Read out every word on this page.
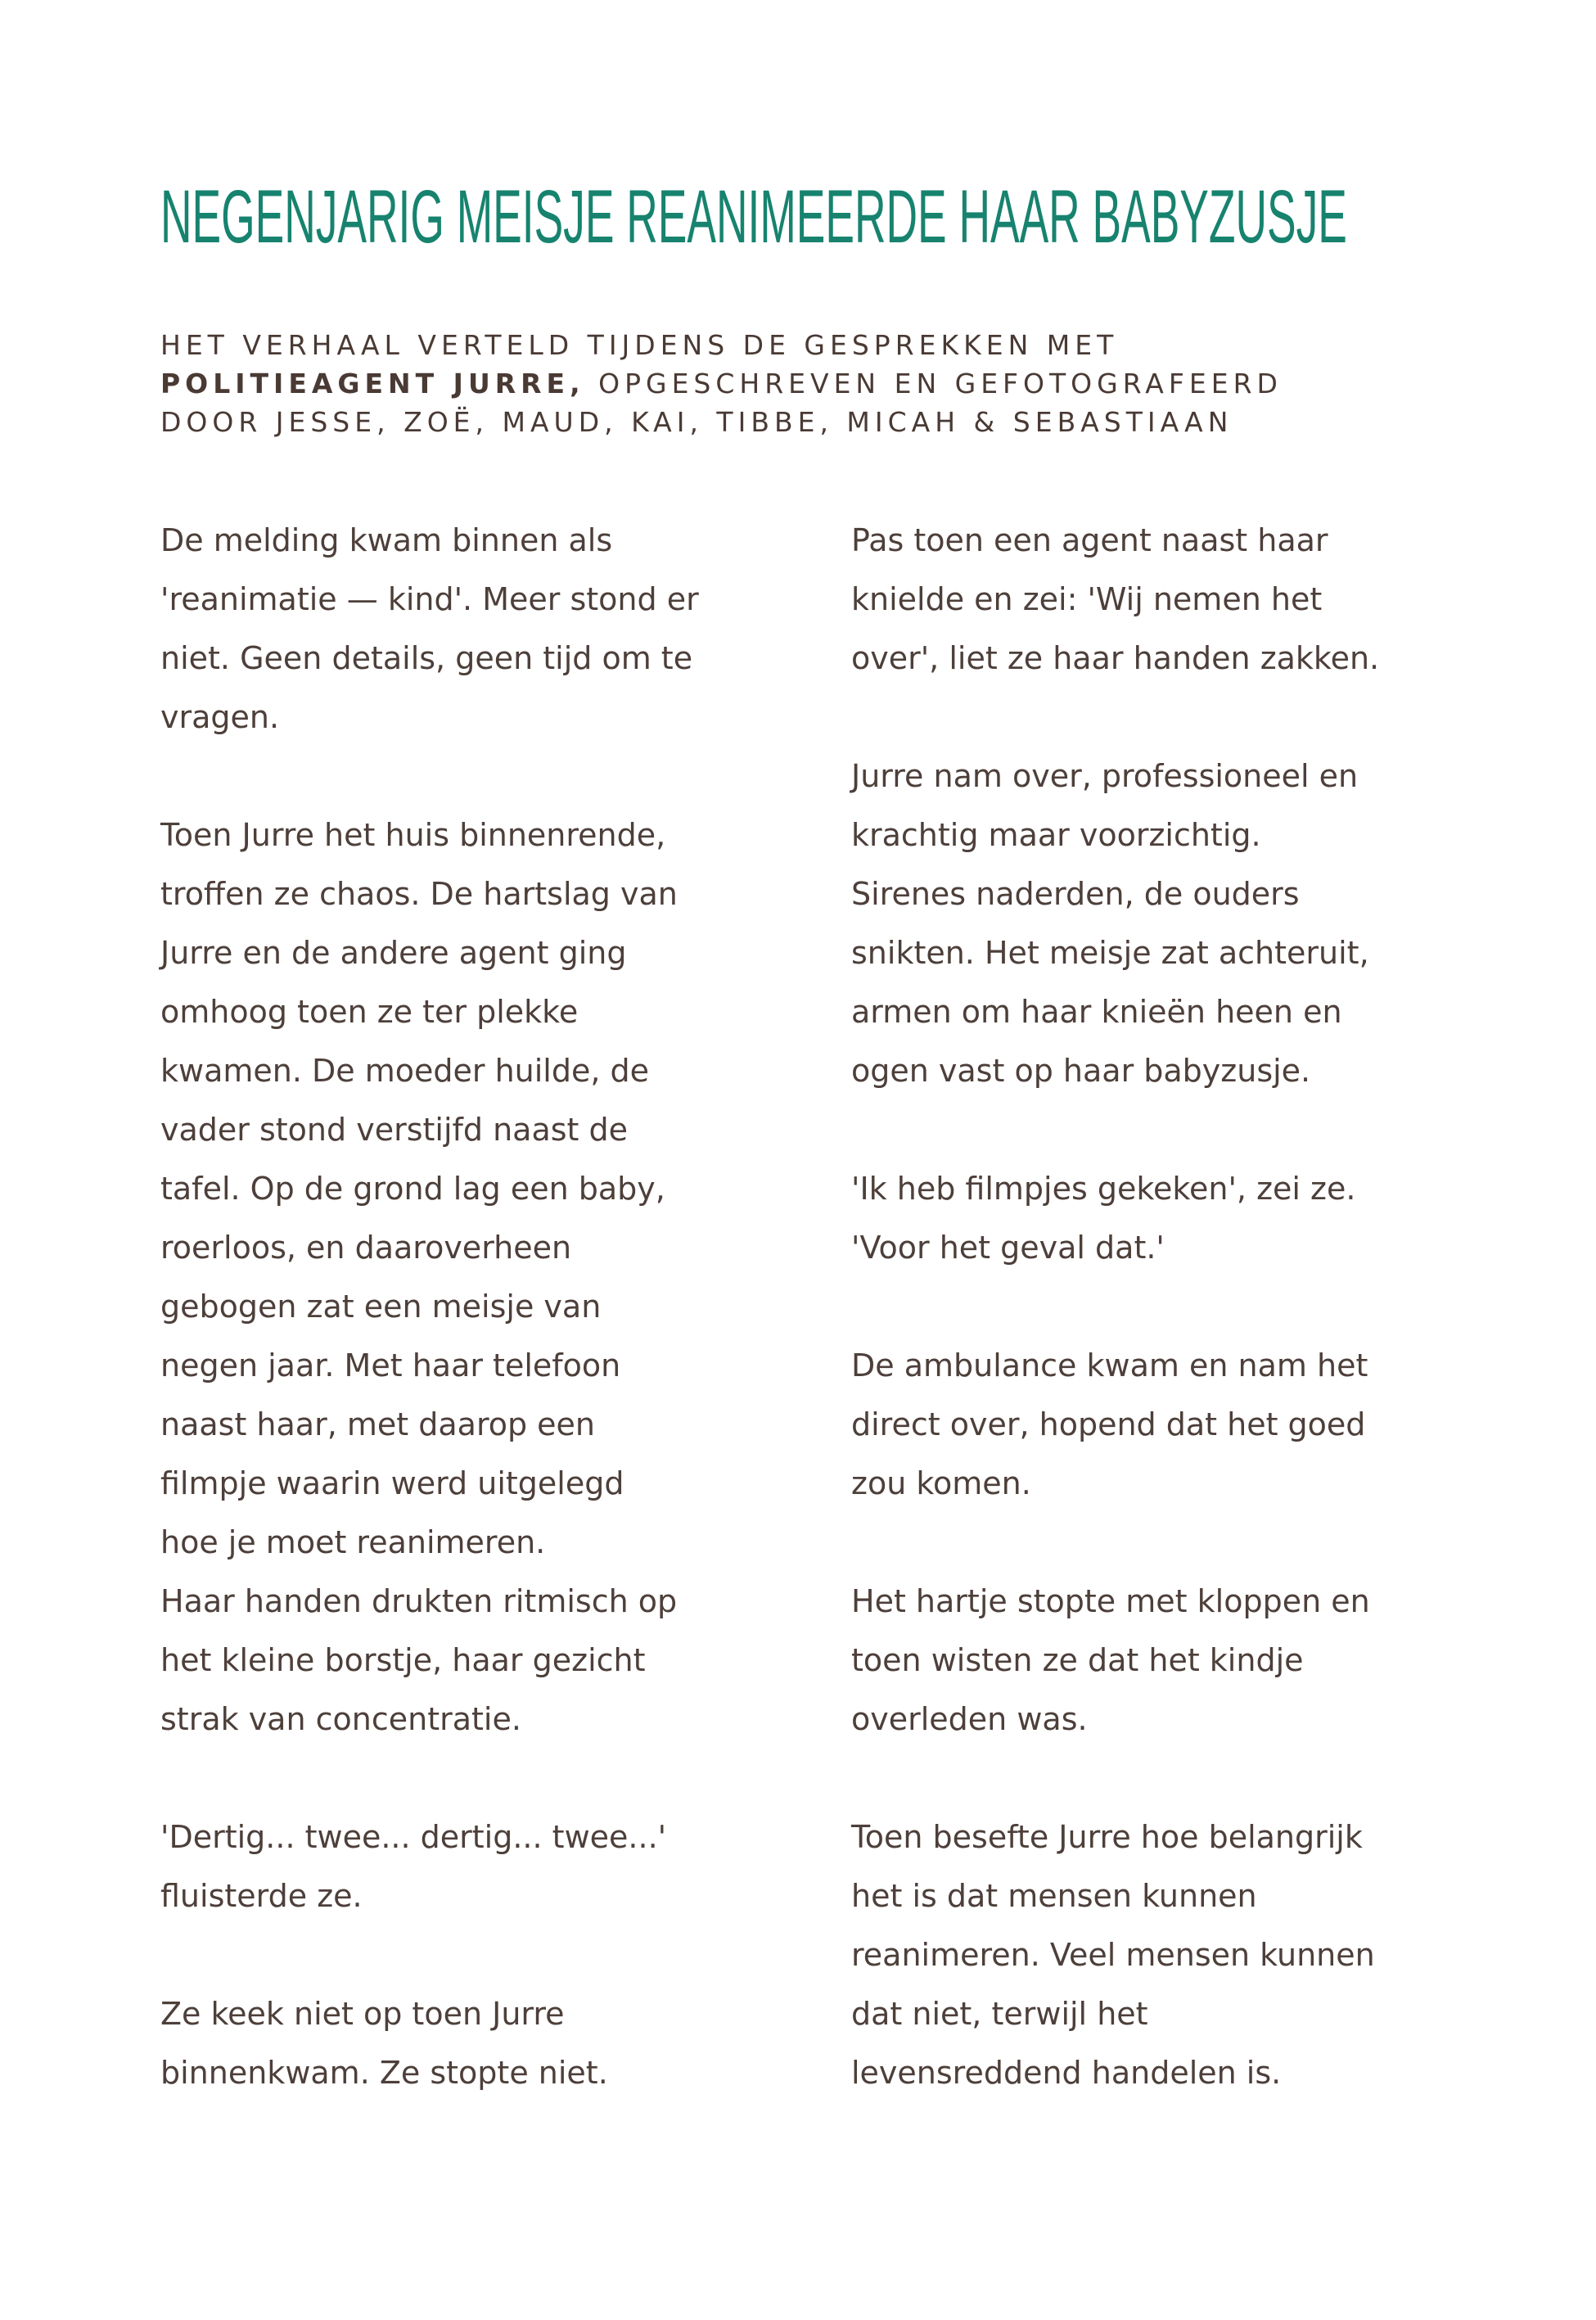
NEGENJARIG MEISJE REANIMEERDE HAAR BABYZUSJE

HET VERHAAL VERTELD TIJDENS DE GESPREKKEN MET
POLITIEAGENT JURRE, OPGESCHREVEN EN GEFOTOGRAFEERD
DOOR JESSE, ZOË, MAUD, KAI, TIBBE, MICAH & SEBASTIAAN

De melding kwam binnen als
'reanimatie — kind'. Meer stond er
niet. Geen details, geen tijd om te
vragen.

Toen Jurre het huis binnenrende,
troffen ze chaos. De hartslag van
Jurre en de andere agent ging
omhoog toen ze ter plekke
kwamen. De moeder huilde, de
vader stond verstijfd naast de
tafel. Op de grond lag een baby,
roerloos, en daaroverheen
gebogen zat een meisje van
negen jaar. Met haar telefoon
naast haar, met daarop een
filmpje waarin werd uitgelegd
hoe je moet reanimeren.
Haar handen drukten ritmisch op
het kleine borstje, haar gezicht
strak van concentratie.

'Dertig... twee... dertig... twee...'
fluisterde ze.

Ze keek niet op toen Jurre
binnenkwam. Ze stopte niet.

Pas toen een agent naast haar
knielde en zei: 'Wij nemen het
over', liet ze haar handen zakken.

Jurre nam over, professioneel en
krachtig maar voorzichtig.
Sirenes naderden, de ouders
snikten. Het meisje zat achteruit,
armen om haar knieën heen en
ogen vast op haar babyzusje.

'Ik heb filmpjes gekeken', zei ze.
'Voor het geval dat.'

De ambulance kwam en nam het
direct over, hopend dat het goed
zou komen.

Het hartje stopte met kloppen en
toen wisten ze dat het kindje
overleden was.

Toen besefte Jurre hoe belangrijk
het is dat mensen kunnen
reanimeren. Veel mensen kunnen
dat niet, terwijl het
levensreddend handelen is.
